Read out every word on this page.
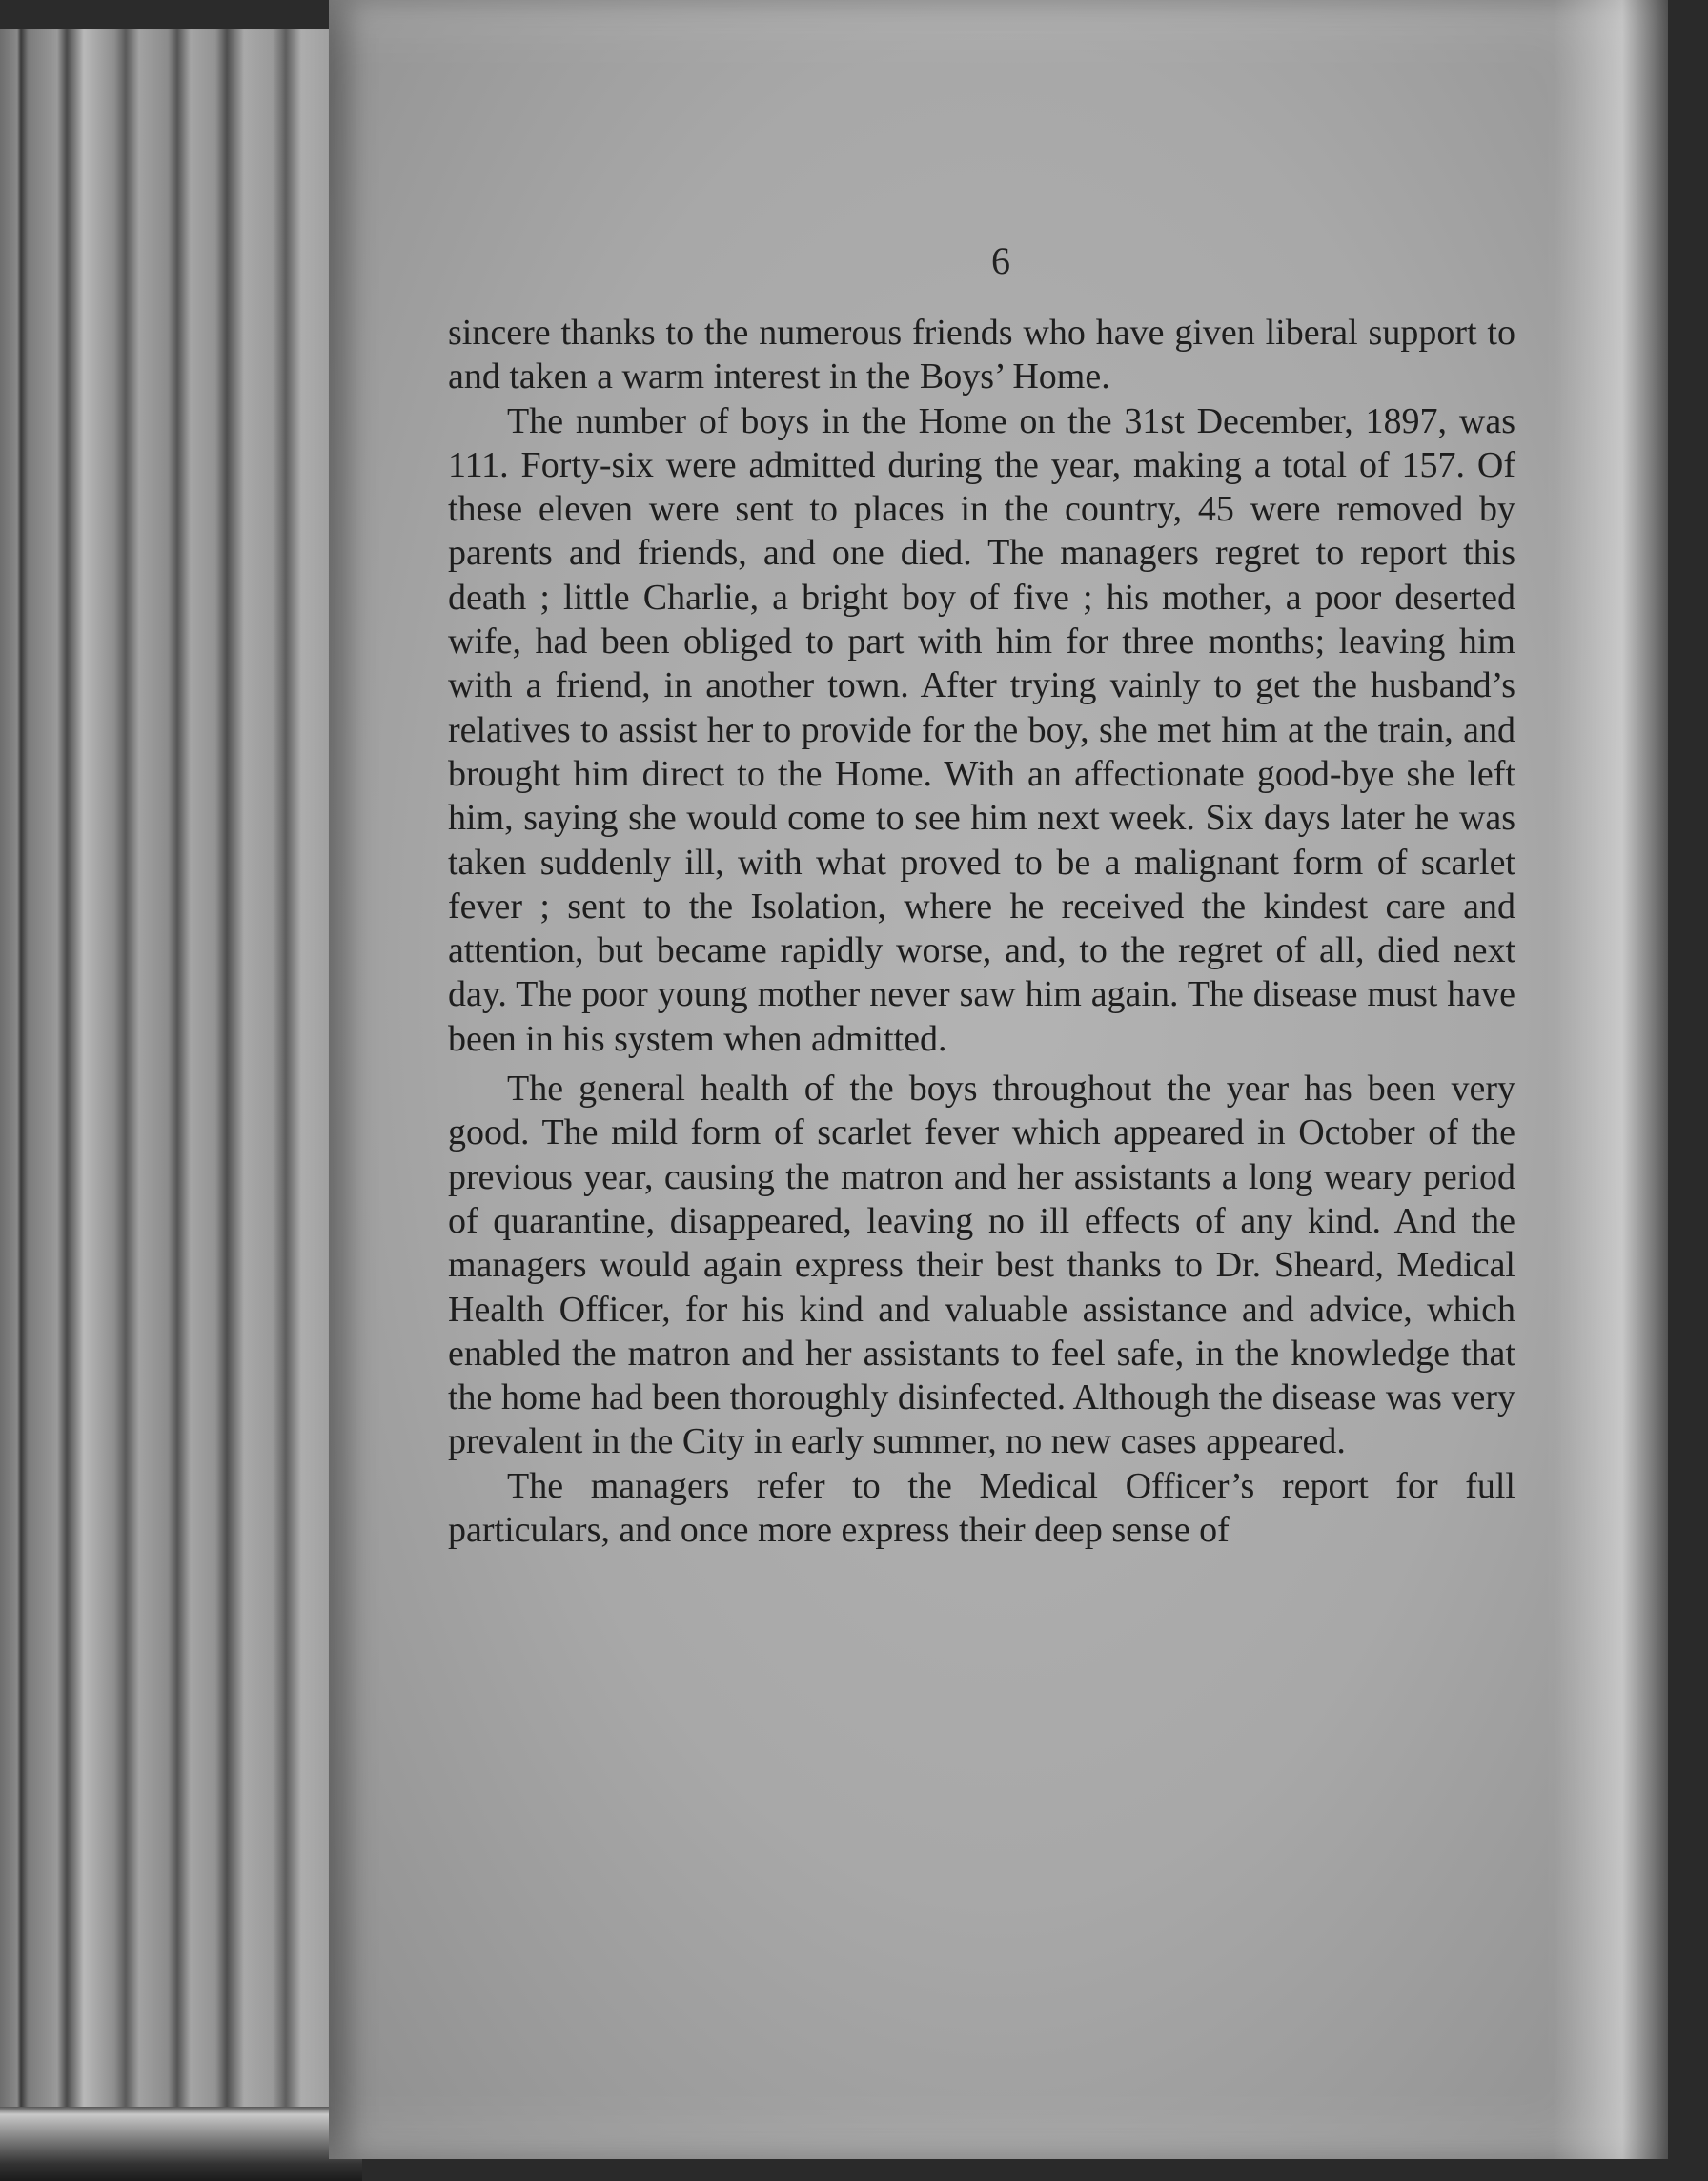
6

sincere thanks to the numerous friends who have given liberal support to and taken a warm interest in the Boys’ Home.

The number of boys in the Home on the 31st December, 1897, was 111. Forty-six were admitted during the year, making a total of 157. Of these eleven were sent to places in the country, 45 were removed by parents and friends, and one died. The managers regret to report this death ; little Charlie, a bright boy of five ; his mother, a poor deserted wife, had been obliged to part with him for three months; leaving him with a friend, in another town. After trying vainly to get the husband’s relatives to assist her to provide for the boy, she met him at the train, and brought him direct to the Home. With an affectionate good-bye she left him, saying she would come to see him next week. Six days later he was taken suddenly ill, with what proved to be a malignant form of scarlet fever ; sent to the Isolation, where he received the kindest care and attention, but became rapidly worse, and, to the regret of all, died next day. The poor young mother never saw him again. The disease must have been in his system when admitted.

The general health of the boys throughout the year has been very good. The mild form of scarlet fever which appeared in October of the previous year, causing the matron and her assistants a long weary period of quarantine, disappeared, leaving no ill effects of any kind. And the managers would again express their best thanks to Dr. Sheard, Medical Health Officer, for his kind and valuable assistance and advice, which enabled the matron and her assistants to feel safe, in the knowledge that the home had been thoroughly disinfected. Although the disease was very prevalent in the City in early summer, no new cases appeared.

The managers refer to the Medical Officer’s report for full particulars, and once more express their deep sense of
